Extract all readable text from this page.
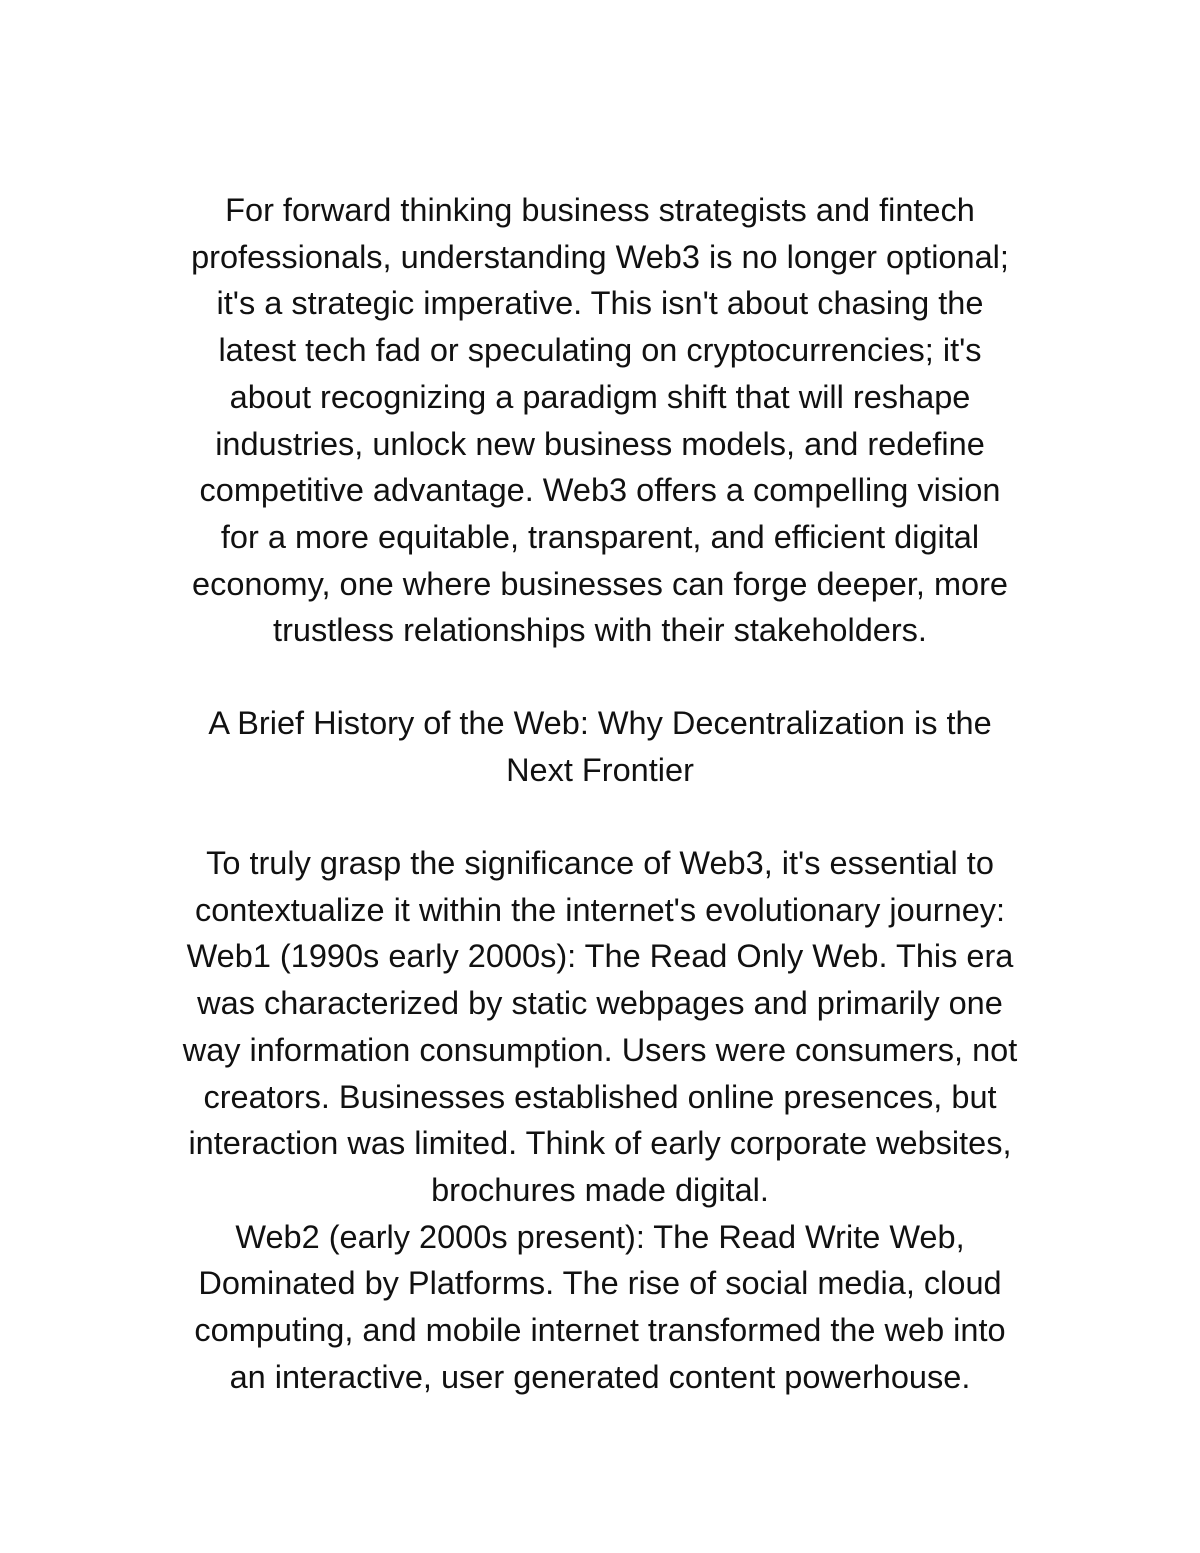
For forward thinking business strategists and fintech
professionals, understanding Web3 is no longer optional;
it's a strategic imperative. This isn't about chasing the
latest tech fad or speculating on cryptocurrencies; it's
about recognizing a paradigm shift that will reshape
industries, unlock new business models, and redefine
competitive advantage. Web3 offers a compelling vision
for a more equitable, transparent, and efficient digital
economy, one where businesses can forge deeper, more
trustless relationships with their stakeholders.
A Brief History of the Web: Why Decentralization is the
Next Frontier
To truly grasp the significance of Web3, it's essential to
contextualize it within the internet's evolutionary journey:
Web1 (1990s early 2000s): The Read Only Web. This era
was characterized by static webpages and primarily one
way information consumption. Users were consumers, not
creators. Businesses established online presences, but
interaction was limited. Think of early corporate websites,
brochures made digital.
Web2 (early 2000s present): The Read Write Web,
Dominated by Platforms. The rise of social media, cloud
computing, and mobile internet transformed the web into
an interactive, user generated content powerhouse.
